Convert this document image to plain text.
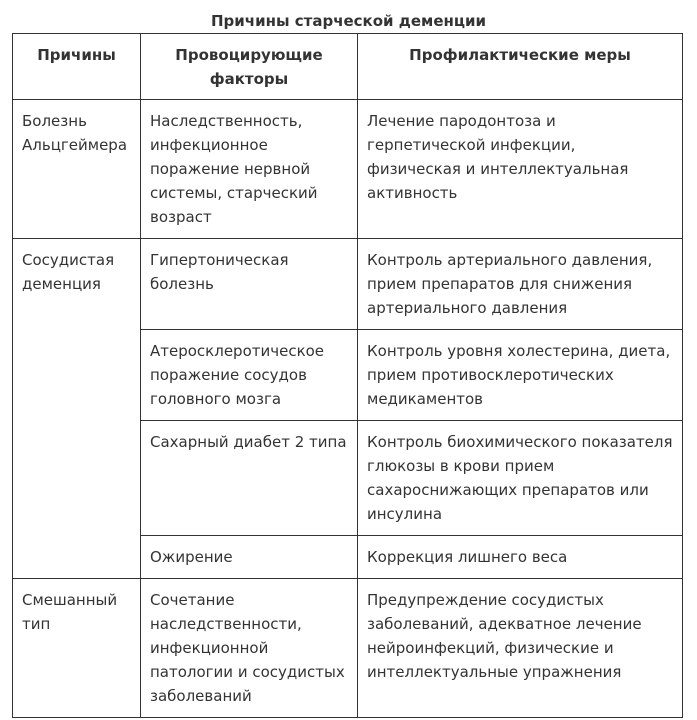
Причины старческой деменции
Причины	Провоцирующие факторы	Профилактические меры
Болезнь Альцгеймера	Наследственность, инфекционное поражение нервной системы, старческий возраст	Лечение пародонтоза и герпетической инфекции, физическая и интеллектуальная активность
Сосудистая деменция	Гипертоническая болезнь	Контроль артериального давления, прием препаратов для снижения артериального давления
	Атеросклеротическое поражение сосудов головного мозга	Контроль уровня холестерина, диета, прием противосклеротических медикаментов
	Сахарный диабет 2 типа	Контроль биохимического показателя глюкозы в крови прием сахароснижающих препаратов или инсулина
	Ожирение	Коррекция лишнего веса
Смешанный тип	Сочетание наследственности, инфекционной патологии и сосудистых заболеваний	Предупреждение сосудистых заболеваний, адекватное лечение нейроинфекций, физические и интеллектуальные упражнения
